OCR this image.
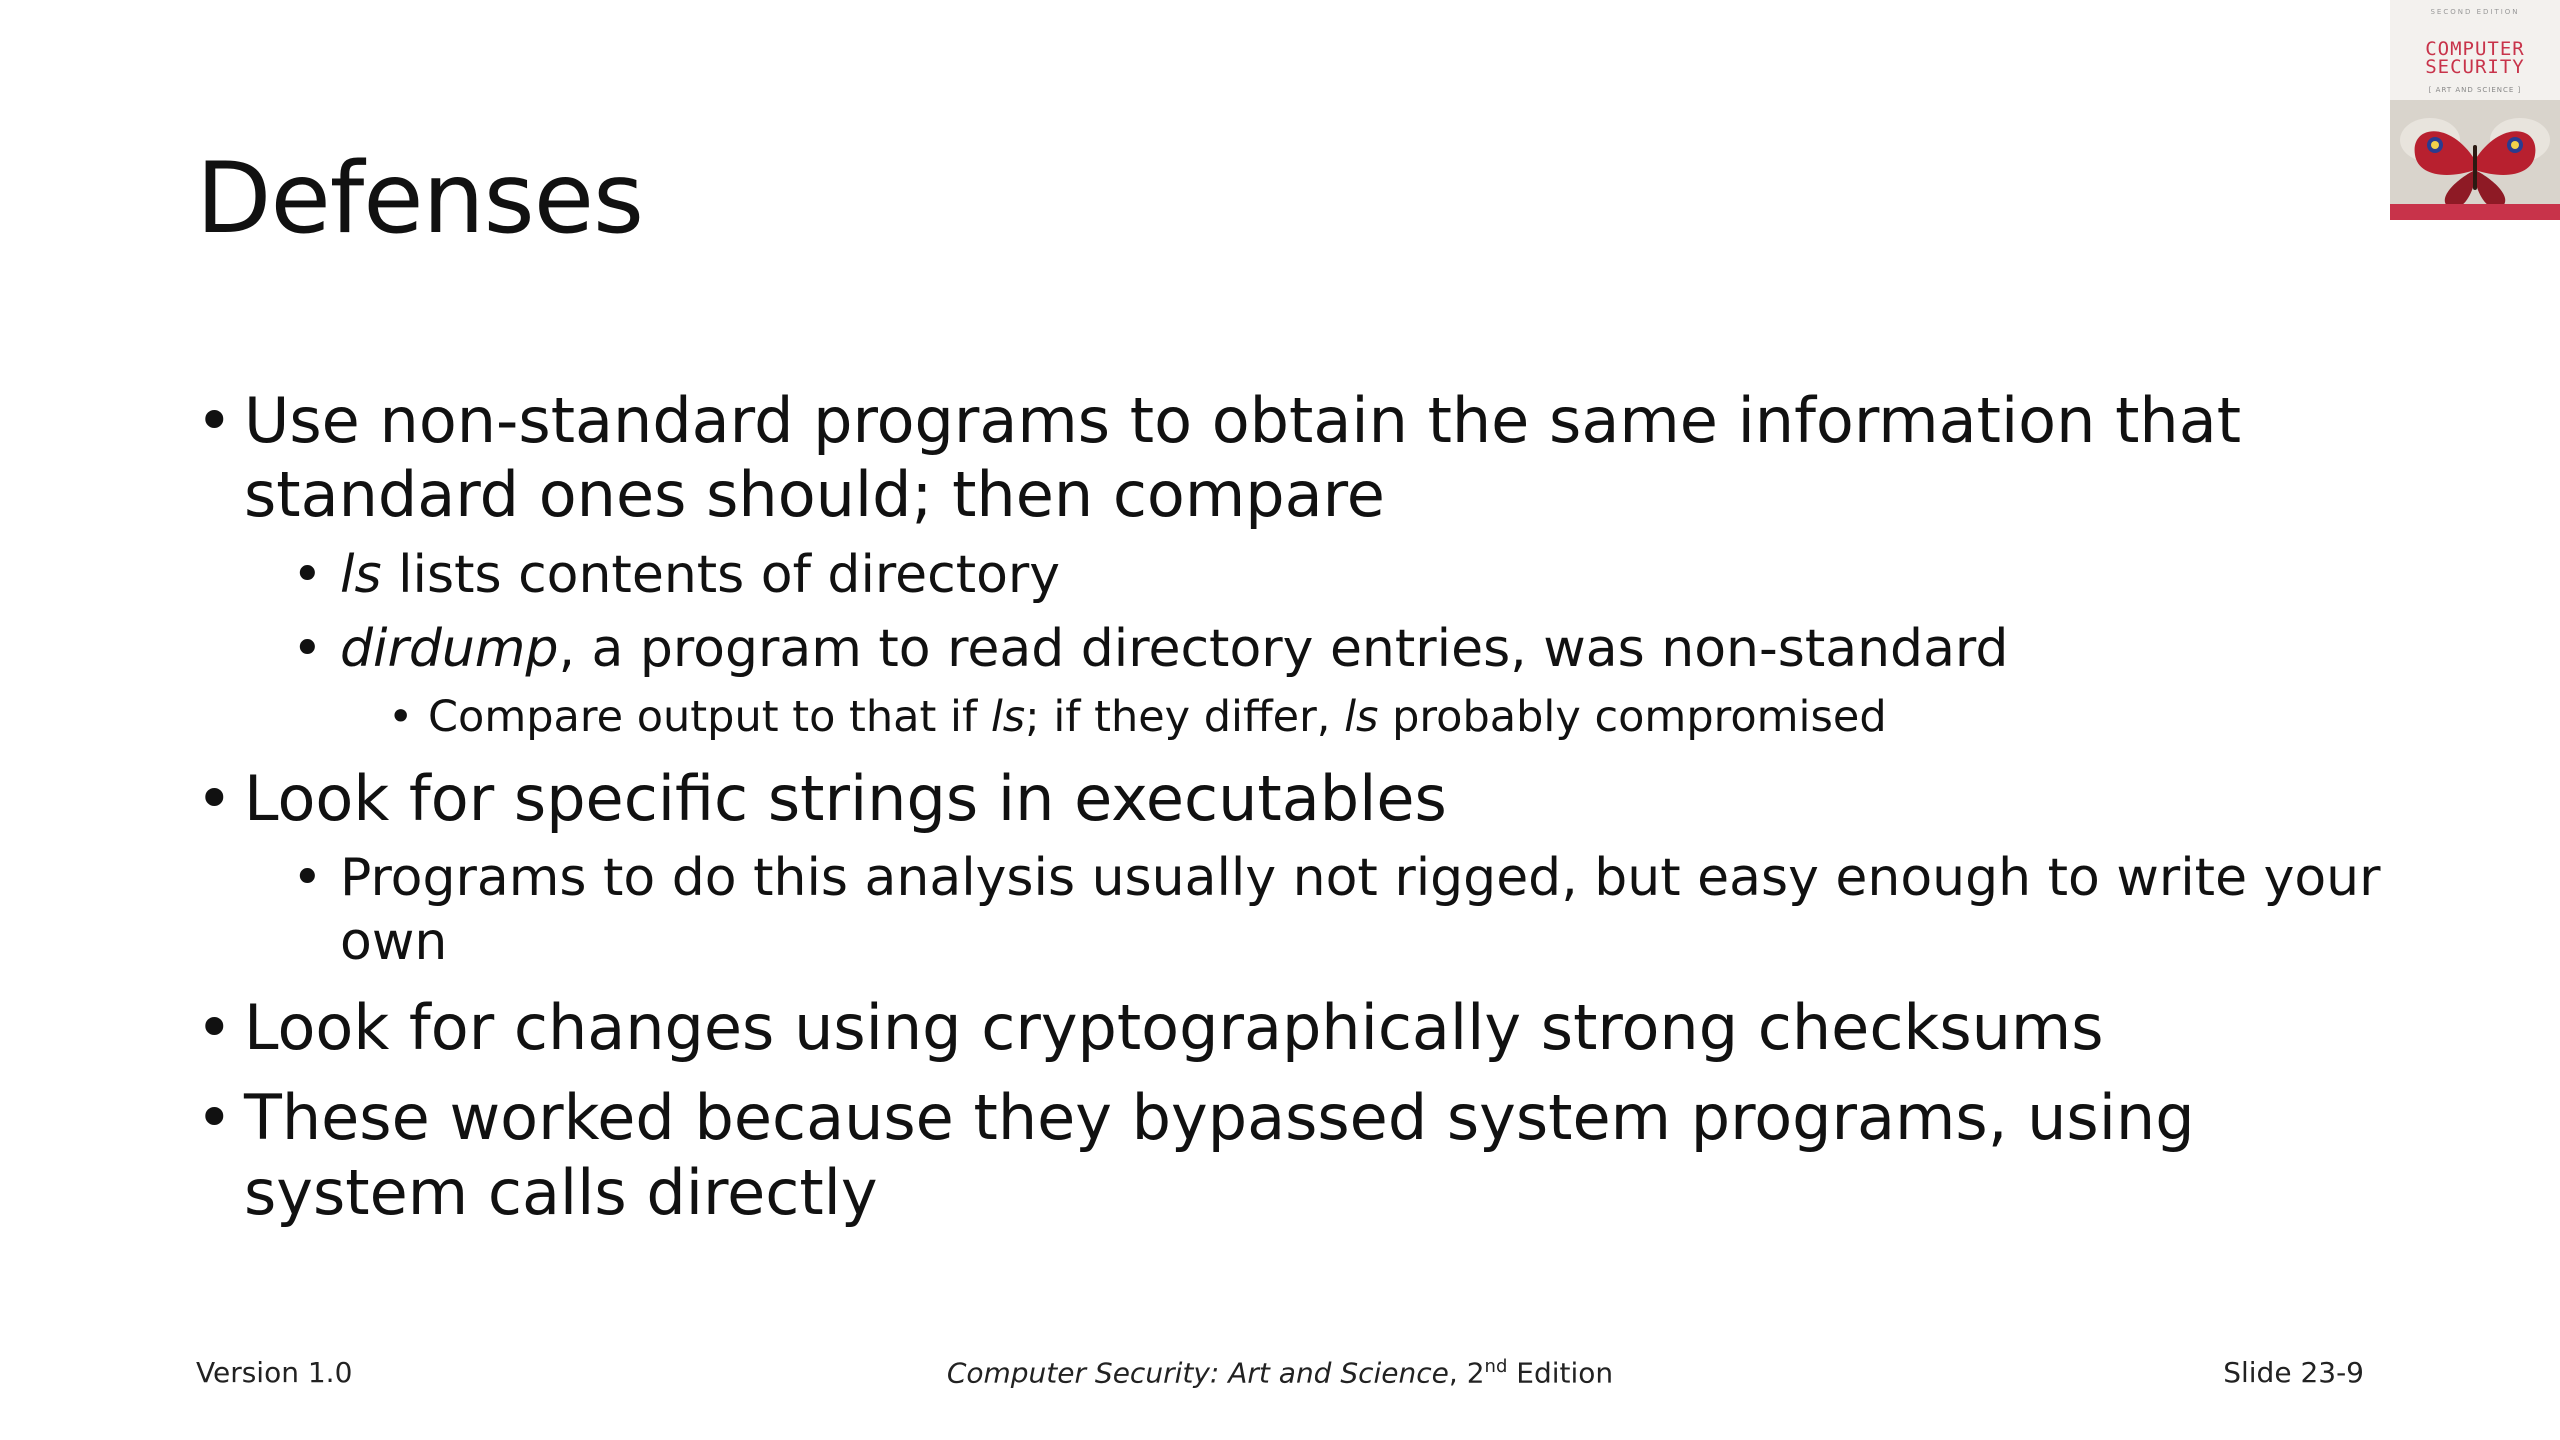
SECOND EDITION
COMPUTER
SECURITY
[ ART AND SCIENCE ]
Defenses
• Use non-standard programs to obtain the same information that standard ones should; then compare
• ls lists contents of directory
• dirdump, a program to read directory entries, was non-standard
• Compare output to that if ls; if they differ, ls probably compromised
• Look for specific strings in executables
• Programs to do this analysis usually not rigged, but easy enough to write your own
• Look for changes using cryptographically strong checksums
• These worked because they bypassed system programs, using system calls directly
Version 1.0	Computer Security: Art and Science, 2nd Edition	Slide 23-9
